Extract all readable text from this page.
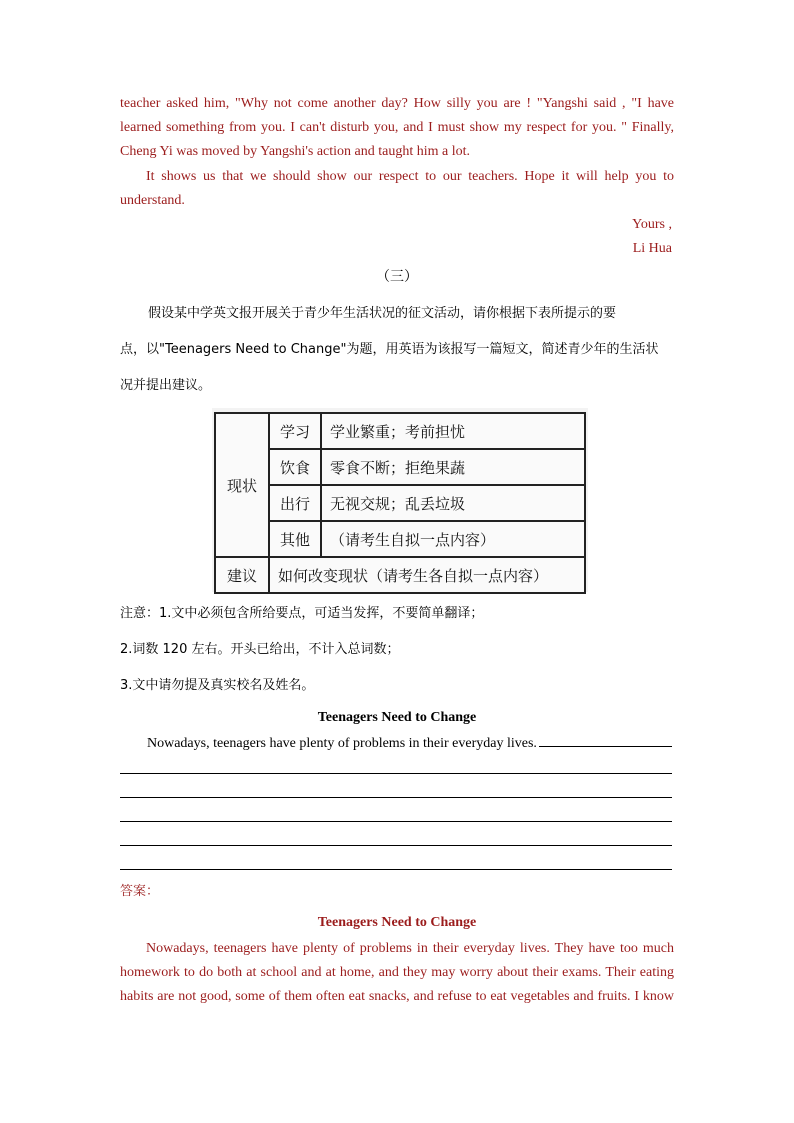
teacher asked him, "Why not come another day? How silly you are ! "Yangshi said , "I have
learned something from you. I can't disturb you, and I must show my respect for you. " Finally,
Cheng Yi was moved by Yangshi's action and taught him a lot.
It shows us that we should show our respect to our teachers. Hope it will help you to
understand.
Yours ,
Li Hua
（三）
假设某中学英文报开展关于青少年生活状况的征文活动，请你根据下表所提示的要
点，以"Teenagers Need to Change"为题，用英语为该报写一篇短文，简述青少年的生活状
况并提出建议。
现状	学习	学业繁重；考前担忧
	饮食	零食不断；拒绝果蔬
	出行	无视交规；乱丢垃圾
	其他	（请考生自拟一点内容）
建议	如何改变现状（请考生各自拟一点内容）	
注意：1.文中必须包含所给要点，可适当发挥，不要简单翻译；
2.词数 120 左右。开头已给出，不计入总词数；
3.文中请勿提及真实校名及姓名。
Teenagers Need to Change
Nowadays, teenagers have plenty of problems in their everyday lives.
答案：
Teenagers Need to Change
Nowadays, teenagers have plenty of problems in their everyday lives. They have too much
homework to do both at school and at home, and they may worry about their exams. Their eating
habits are not good, some of them often eat snacks, and refuse to eat vegetables and fruits. I know
